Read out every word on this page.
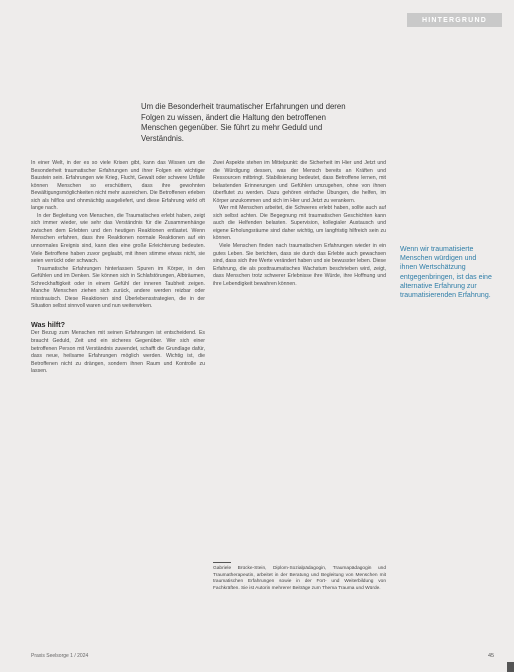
HINTERGRUND
Um die Besonderheit traumatischer Erfahrungen und deren Folgen zu wissen, ändert die Haltung den betroffenen Menschen gegenüber. Sie führt zu mehr Geduld und Verständnis.

In einer Welt, in der es so viele Krisen gibt, kann das Wissen um die Besonderheit traumatischer Erfahrungen und ihrer Folgen ein wichtiger Baustein sein. Erfahrungen wie Krieg, Flucht, Gewalt oder schwere Unfälle können Menschen so erschüttern, dass ihre gewohnten Bewältigungsmöglichkeiten nicht mehr ausreichen. Die Betroffenen erleben sich als hilflos und ohnmächtig ausgeliefert, und diese Erfahrung wirkt oft lange nach.

In der Begleitung von Menschen, die Traumatisches erlebt haben, zeigt sich immer wieder, wie sehr das Verständnis für die Zusammenhänge zwischen dem Erlebten und den heutigen Reaktionen entlastet. Wenn Menschen erfahren, dass ihre Reaktionen normale Reaktionen auf ein unnormales Ereignis sind, kann dies eine große Erleichterung bedeuten. Viele Betroffene haben zuvor geglaubt, mit ihnen stimme etwas nicht, sie seien verrückt oder schwach.

Traumatische Erfahrungen hinterlassen Spuren im Körper, in den Gefühlen und im Denken. Sie können sich in Schlafstörungen, Albträumen, Schreckhaftigkeit oder in einem Gefühl der inneren Taubheit zeigen. Manche Menschen ziehen sich zurück, andere werden reizbar oder misstrauisch. Diese Reaktionen sind Überlebensstrategien, die in der Situation selbst sinnvoll waren und nun weiterwirken.

Was hilft?

Der Bezug zum Menschen mit seinen Erfahrungen ist entscheidend. Es braucht Geduld, Zeit und ein sicheres Gegenüber. Wer sich einer betroffenen Person mit Verständnis zuwendet, schafft die Grundlage dafür, dass neue, heilsame Erfahrungen möglich werden. Wichtig ist, die Betroffenen nicht zu drängen, sondern ihnen Raum und Kontrolle zu lassen.

Zwei Aspekte stehen im Mittelpunkt: die Sicherheit im Hier und Jetzt und die Würdigung dessen, was der Mensch bereits an Kräften und Ressourcen mitbringt. Stabilisierung bedeutet, dass Betroffene lernen, mit belastenden Erinnerungen und Gefühlen umzugehen, ohne von ihnen überflutet zu werden. Dazu gehören einfache Übungen, die helfen, im Körper anzukommen und sich im Hier und Jetzt zu verankern.

Wer mit Menschen arbeitet, die Schweres erlebt haben, sollte auch auf sich selbst achten. Die Begegnung mit traumatischen Geschichten kann auch die Helfenden belasten. Supervision, kollegialer Austausch und eigene Erholungsräume sind daher wichtig, um langfristig hilfreich sein zu können.

Viele Menschen finden nach traumatischen Erfahrungen wieder in ein gutes Leben. Sie berichten, dass sie durch das Erlebte auch gewachsen sind, dass sich ihre Werte verändert haben und sie bewusster leben. Diese Erfahrung, die als posttraumatisches Wachstum beschrieben wird, zeigt, dass Menschen trotz schwerer Erlebnisse ihre Würde, ihre Hoffnung und ihre Lebendigkeit bewahren können.

Wenn wir traumatisierte Menschen würdigen und ihnen Wertschätzung entgegenbringen, ist das eine alternative Erfahrung zur traumatisierenden Erfahrung.
Gabriele Brücke-Stein, Diplom-Sozialpädagogin, Traumapädagogin und Traumatherapeutin, arbeitet in der Beratung und Begleitung von Menschen mit traumatischen Erfahrungen sowie in der Fort- und Weiterbildung von Fachkräften. Sie ist Autorin mehrerer Beiträge zum Thema Trauma und Würde.
Praxis Seelsorge 1 / 2024	45
